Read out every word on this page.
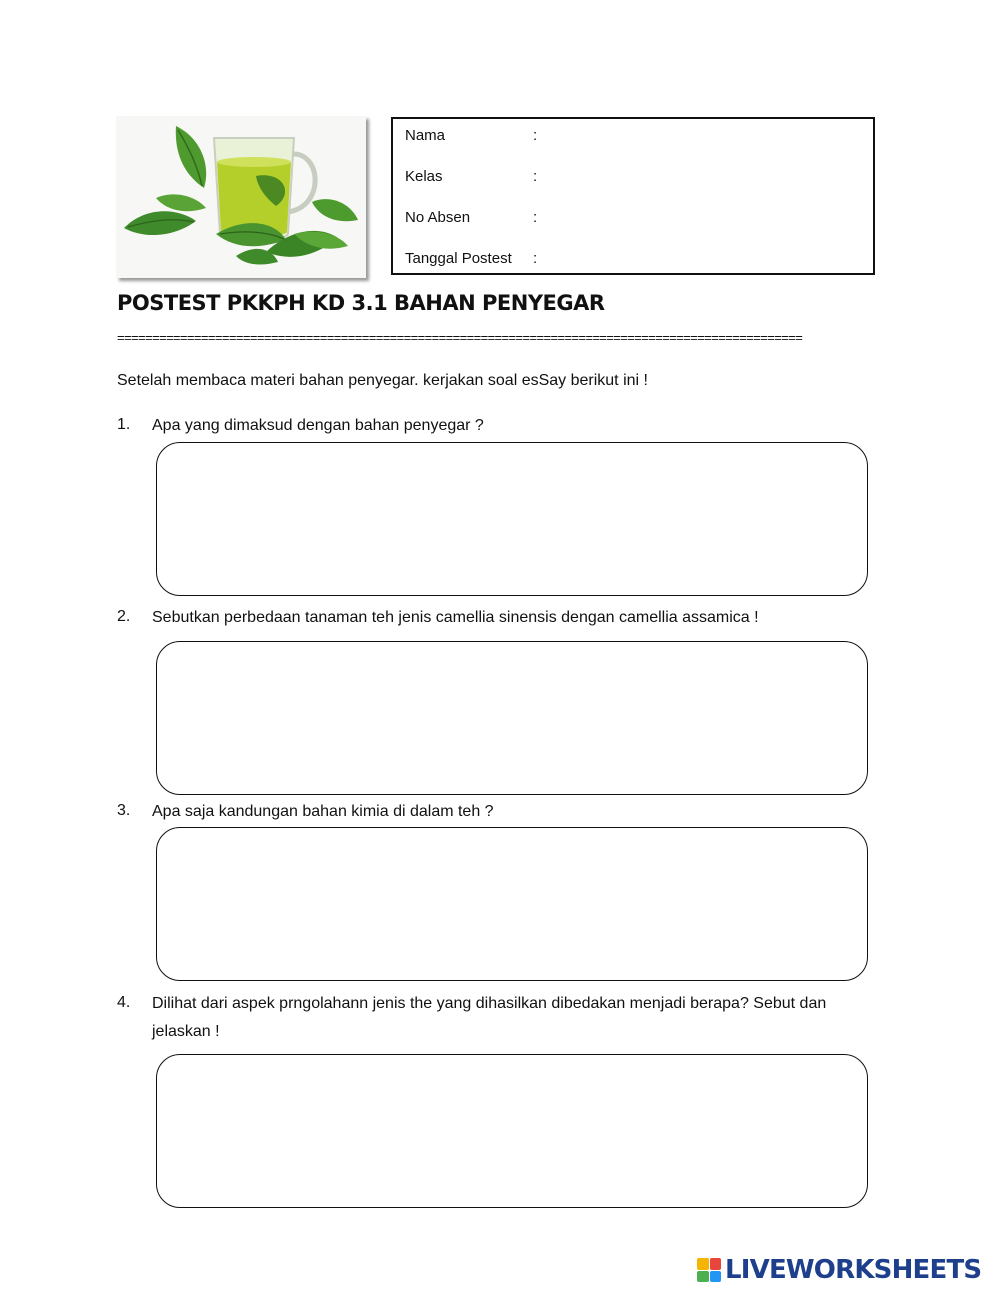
Nama	:
Kelas	:
No Absen	:
Tanggal Postest :
POSTEST PKKPH KD 3.1 BAHAN PENYEGAR
==================================================================================================
Setelah membaca materi bahan penyegar. kerjakan soal esSay berikut ini !
1. Apa yang dimaksud dengan bahan penyegar ?
2. Sebutkan perbedaan tanaman teh jenis camellia sinensis dengan camellia assamica !
3. Apa saja kandungan bahan kimia di dalam teh ?
4. Dilihat dari aspek prngolahann jenis the yang dihasilkan dibedakan menjadi berapa? Sebut dan jelaskan !
LIVEWORKSHEETS
